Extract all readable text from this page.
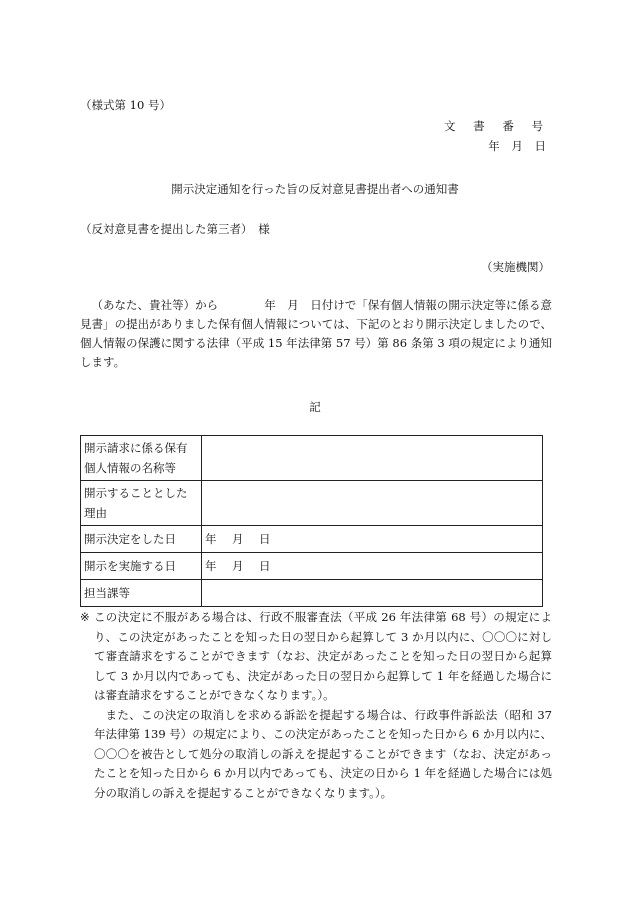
（様式第 10 号）
文 書 番 号
年 月 日
開示決定通知を行った旨の反対意見書提出者への通知書
（反対意見書を提出した第三者）　様
（実施機関）

（あなた、貴社等）から　　　　年　月　日付けで「保有個人情報の開示決定等に係る意見書」の提出がありました保有個人情報については、下記のとおり開示決定しましたので、個人情報の保護に関する法律（平成 15 年法律第 57 号）第 86 条第 3 項の規定により通知します。

記
開示請求に係る保有個人情報の名称等	
開示することとした理由	
開示決定をした日	年　月　日
開示を実施する日	年　月　日
担当課等	
※ この決定に不服がある場合は、行政不服審査法（平成 26 年法律第 68 号）の規定により、この決定があったことを知った日の翌日から起算して 3 か月以内に、〇〇〇に対して審査請求をすることができます（なお、決定があったことを知った日の翌日から起算して 3 か月以内であっても、決定があった日の翌日から起算して 1 年を経過した場合には審査請求をすることができなくなります。）。

また、この決定の取消しを求める訴訟を提起する場合は、行政事件訴訟法（昭和 37 年法律第 139 号）の規定により、この決定があったことを知った日から 6 か月以内に、〇〇〇を被告として処分の取消しの訴えを提起することができます（なお、決定があったことを知った日から 6 か月以内であっても、決定の日から 1 年を経過した場合には処分の取消しの訴えを提起することができなくなります。）。
